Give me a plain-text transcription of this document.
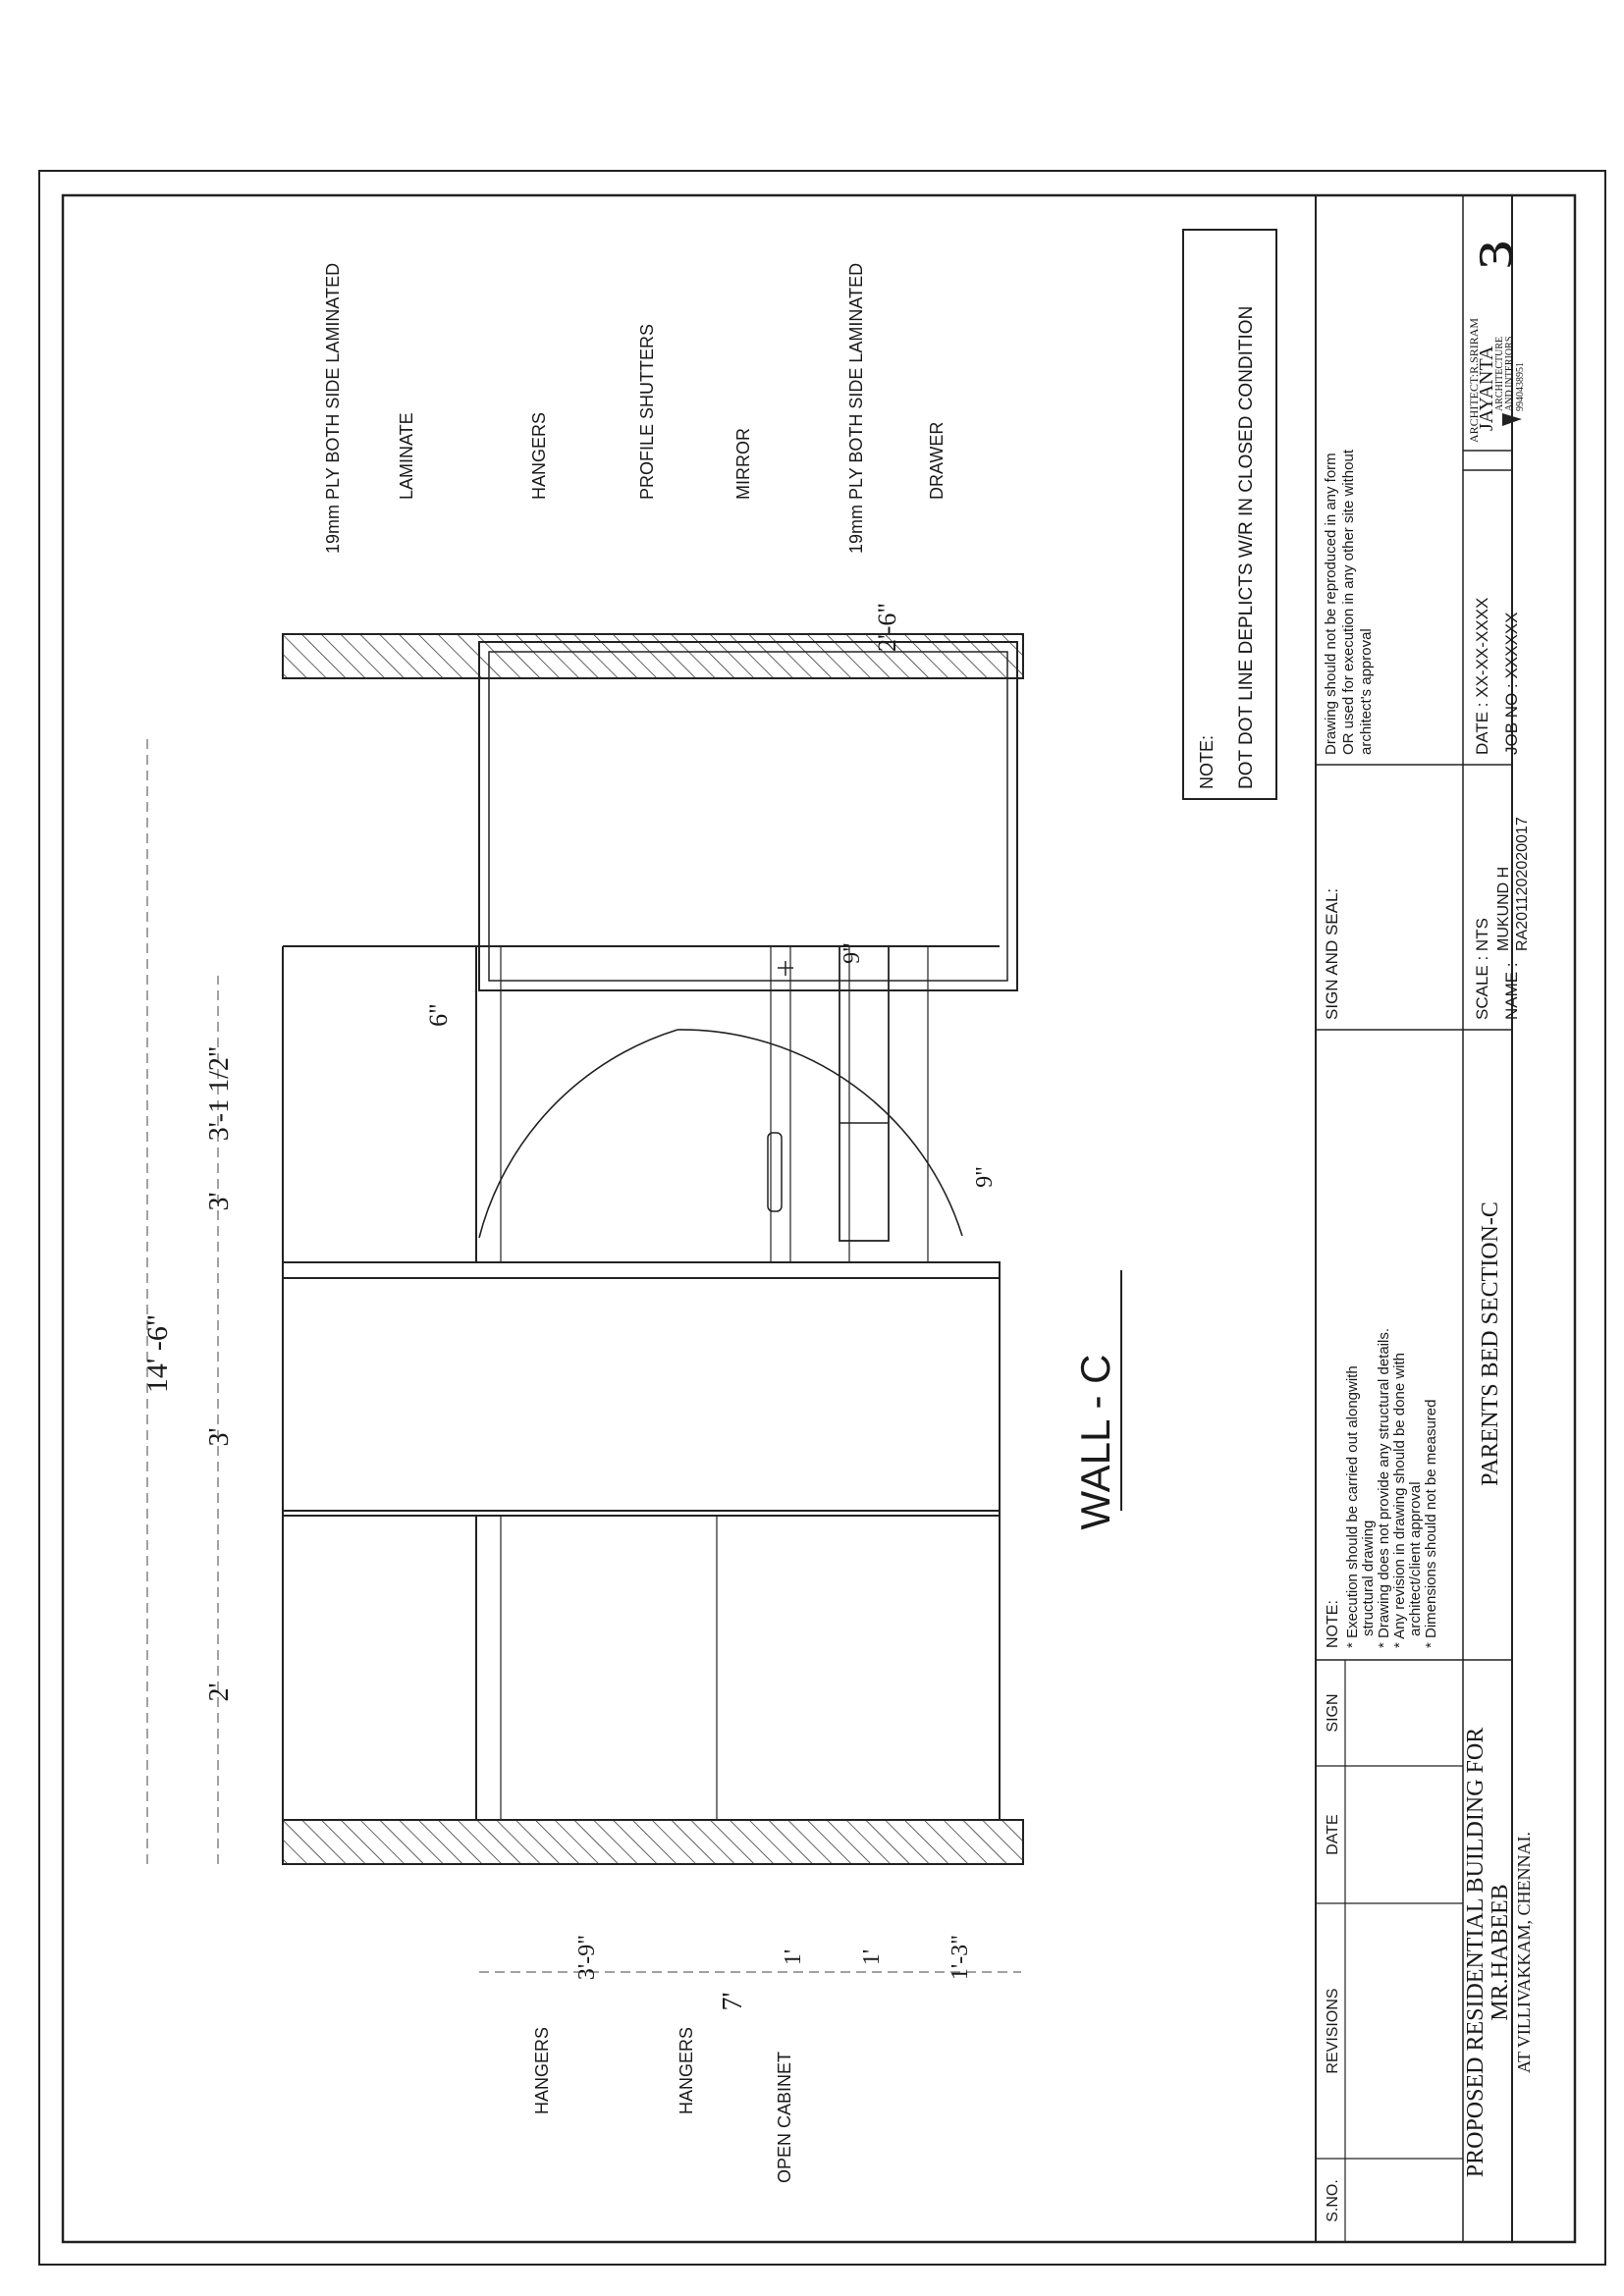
14' -6"
2'
3'
3'
3'-1 1/2"
6"
9"
9"
2'-6"
7'
3'-9"	1' 1'	1'-3"
19mm PLY BOTH SIDE LAMINATED	LAMINATE	HANGERS	PROFILE SHUTTERS	MIRROR	19mm PLY BOTH SIDE LAMINATED	DRAWER
HANGERS	HANGERS	OPEN CABINET
WALL - C
NOTE: DOT DOT LINE DEPLICTS W/R IN CLOSED CONDITION
S.NO.
REVISIONS
DATE
SIGN
NOTE: * Execution should be carried out alongwith structural drawing * Drawing does not provide any structural details. * Any revision in drawing should be done with architect/client approval * Dimensions should not be measured
SIGN AND SEAL:
Drawing should not be reproduced in any form OR used for execution in any other site without architect's approval
PROPOSED RESIDENTIAL BUILDING FOR MR.HABEEB AT VILLIVAKKAM, CHENNAI.
PARENTS BED SECTION-C
SCALE : NTS NAME :
MUKUND H RA2011202020017
DATE : XX-XX-XXXX JOB NO : XXXXXX
ARCHITECT:R.SRIRAM
JAYANTA
ARCHITECTURE AND INTERIORS 9940438951
ɜ
